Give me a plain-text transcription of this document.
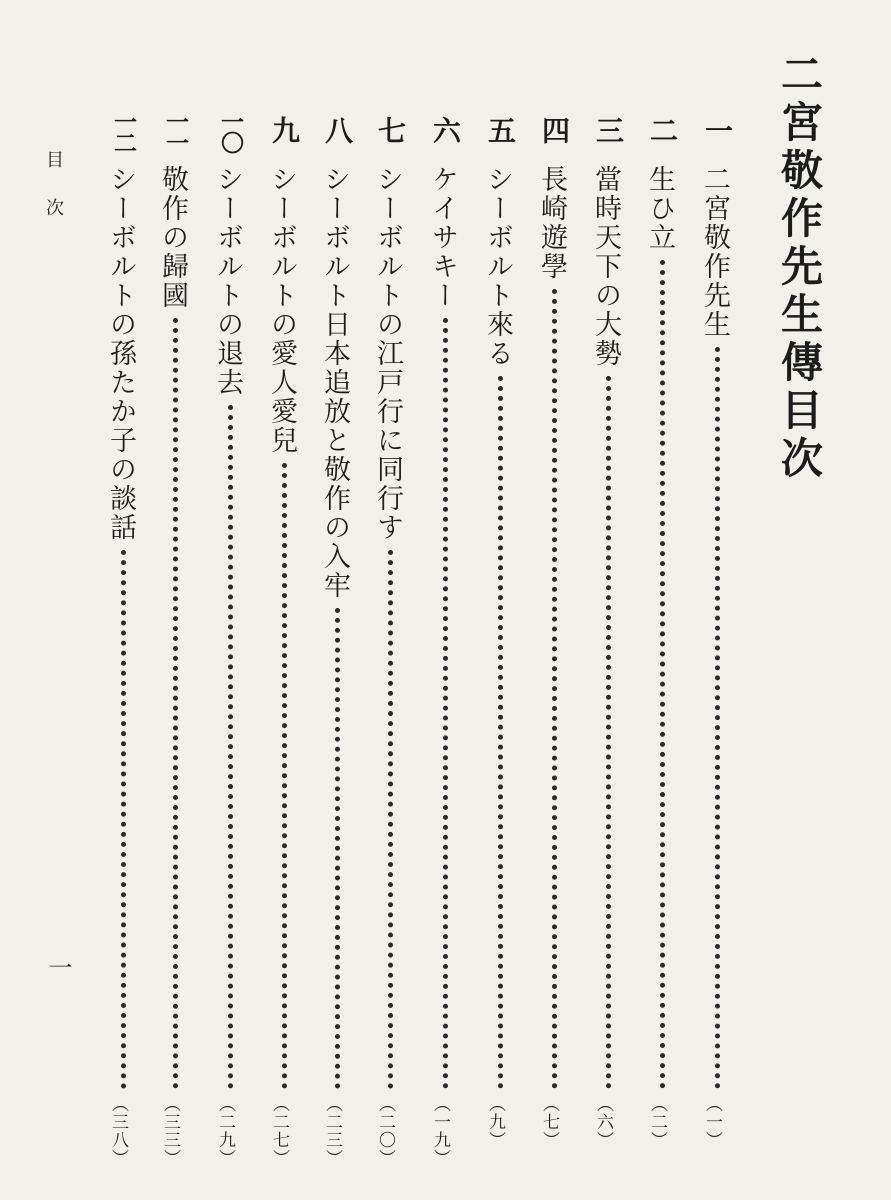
二宮敬作先生傳目次
一
二宮敬作先生
（一）
二
生ひ立
（二）
三
當時天下の大勢
（六）
四
長崎遊學
（七）
五
シーボルト來る
（九）
六
ケイサキー
（一九）
七
シーボルトの江戸行に同行す
（二〇）
八
シーボルト日本追放と敬作の入牢
（二三）
九
シーボルトの愛人愛兒
（二七）
一〇
シーボルトの退去
（二九）
一一
敬作の歸國
（三三）
一二
シーボルトの孫たか子の談話
（三八）
目次
一
